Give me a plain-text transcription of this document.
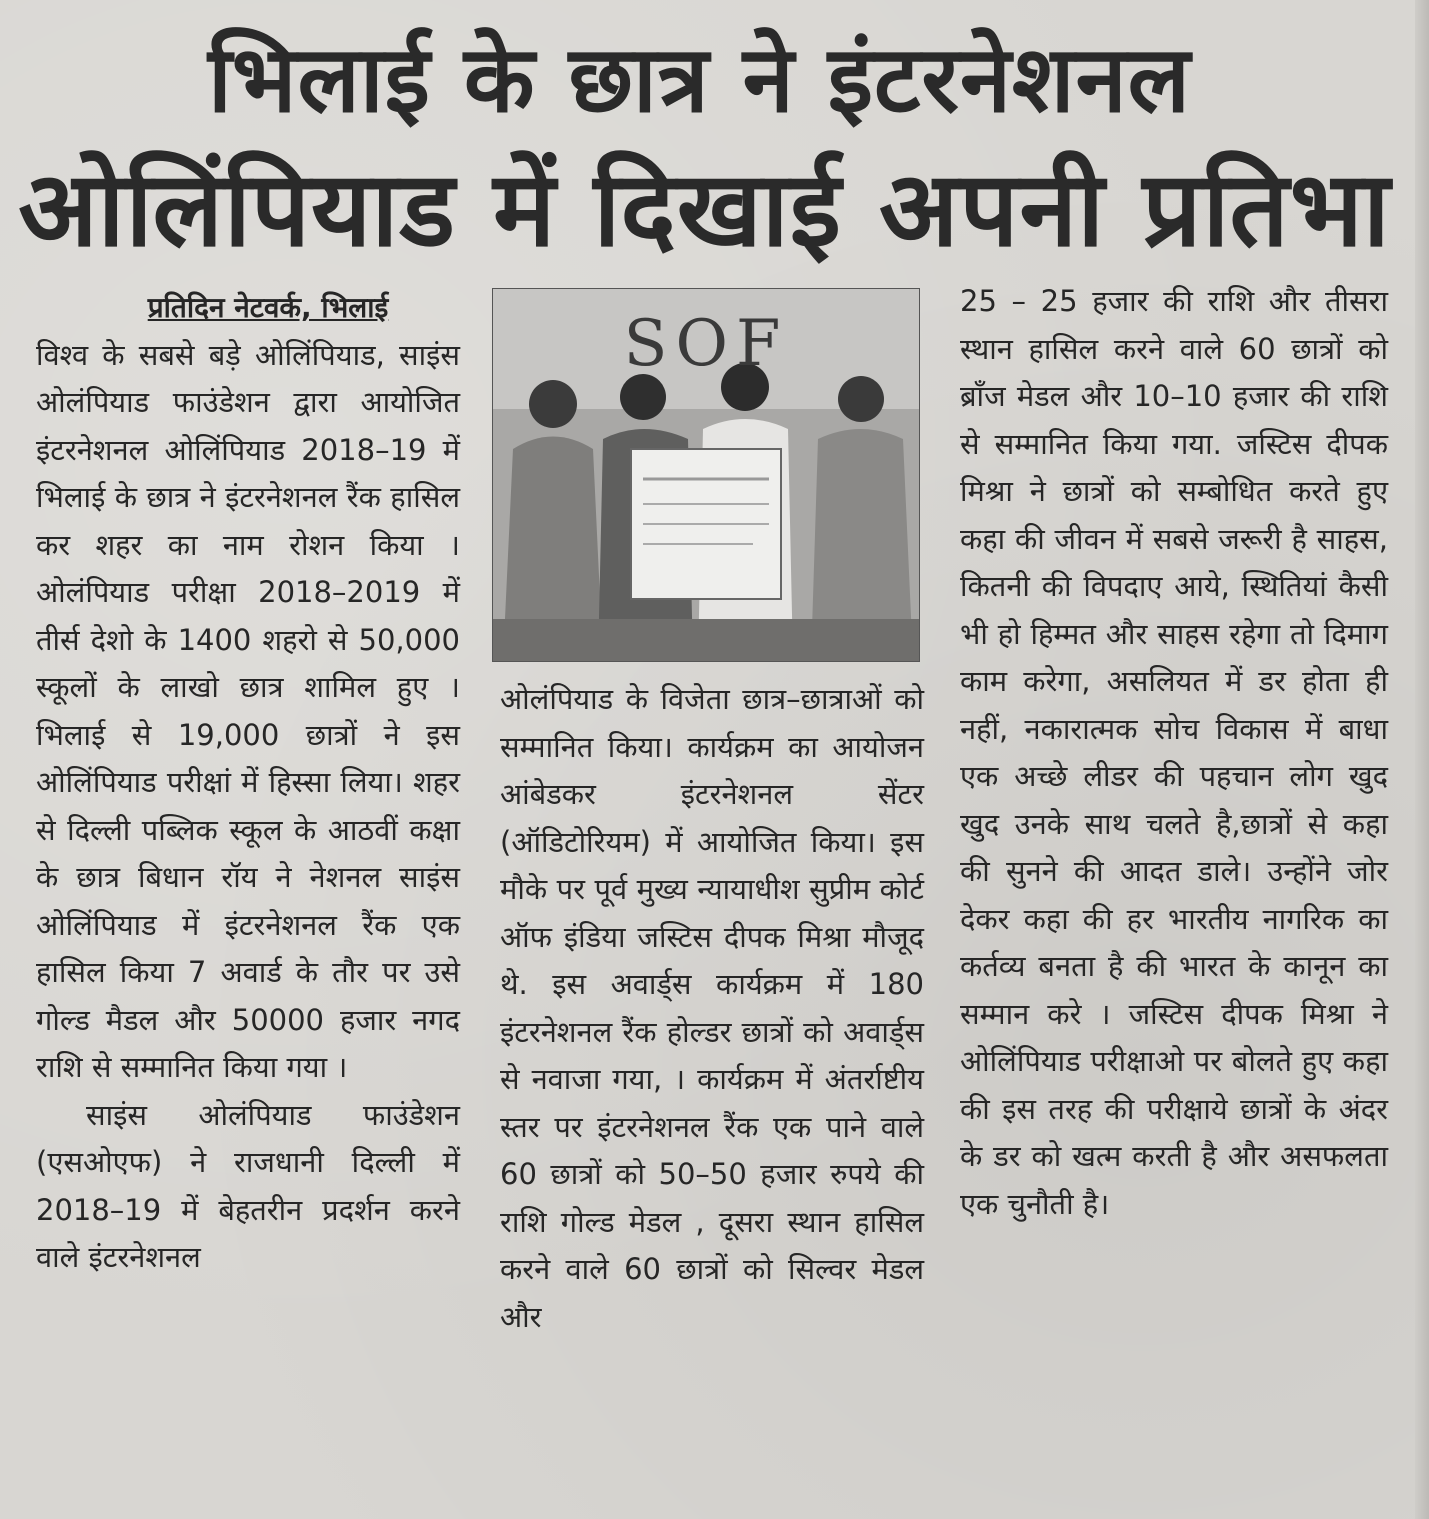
भिलाई के छात्र ने इंटरनेशनल
ओलिंपियाड में दिखाई अपनी प्रतिभा
प्रतिदिन नेटवर्क, भिलाई
विश्व के सबसे बड़े ओलिंपियाड, साइंस ओलंपियाड फाउंडेशन द्वारा आयोजित इंटरनेशनल ओलिंपियाड 2018–19 में भिलाई के छात्र ने इंटरनेशनल रैंक हासिल कर शहर का नाम रोशन किया ।ओलंपियाड परीक्षा 2018–2019 में तीर्स देशो के 1400 शहरो से 50,000 स्कूलों के लाखो छात्र शामिल हुए ।भिलाई से 19,000 छात्रों ने इस ओलिंपियाड परीक्षां में हिस्सा लिया। शहर से दिल्ली पब्लिक स्कूल के आठवीं कक्षा के छात्र बिधान रॉय ने नेशनल साइंस ओलिंपियाड में इंटरनेशनल रैंक एक हासिल किया 7 अवार्ड के तौर पर उसे गोल्ड मैडल और 50000 हजार नगद राशि से सम्मानित किया गया ।
साइंस ओलंपियाड फाउंडेशन (एसओएफ) ने राजधानी दिल्ली में 2018–19 में बेहतरीन प्रदर्शन करने वाले इंटरनेशनल
SOF
ओलंपियाड के विजेता छात्र–छात्राओं को सम्मानित किया। कार्यक्रम का आयोजन आंबेडकर इंटरनेशनल सेंटर (ऑडिटोरियम) में आयोजित किया। इस मौके पर पूर्व मुख्य न्यायाधीश सुप्रीम कोर्ट ऑफ इंडिया जस्टिस दीपक मिश्रा मौजूद थे. इस अवार्ड्स कार्यक्रम में 180 इंटरनेशनल रैंक होल्डर छात्रों को अवार्ड्स से नवाजा गया, । कार्यक्रम में अंतर्राष्टीय स्तर पर इंटरनेशनल रैंक एक पाने वाले 60 छात्रों को 50–50 हजार रुपये की राशि गोल्ड मेडल , दूसरा स्थान हासिल करने वाले 60 छात्रों को सिल्वर मेडल और
25 – 25 हजार की राशि और तीसरा स्थान हासिल करने वाले 60 छात्रों को ब्रॉंज मेडल और 10–10 हजार की राशि से सम्मानित किया गया. जस्टिस दीपक मिश्रा ने छात्रों को सम्बोधित करते हुए कहा की जीवन में सबसे जरूरी है साहस, कितनी की विपदाए आये, स्थितियां कैसी भी हो हिम्मत और साहस रहेगा तो दिमाग काम करेगा, असलियत में डर होता ही नहीं, नकारात्मक सोच विकास में बाधा एक अच्छे लीडर की पहचान लोग खुद खुद उनके साथ चलते है,छात्रों से कहा की सुनने की आदत डाले। उन्होंने जोर देकर कहा की हर भारतीय नागरिक का कर्तव्य बनता है की भारत के कानून का सम्मान करे । जस्टिस दीपक मिश्रा ने ओलिंपियाड परीक्षाओ पर बोलते हुए कहा की इस तरह की परीक्षाये छात्रों के अंदर के डर को खत्म करती है और असफलता एक चुनौती है।
